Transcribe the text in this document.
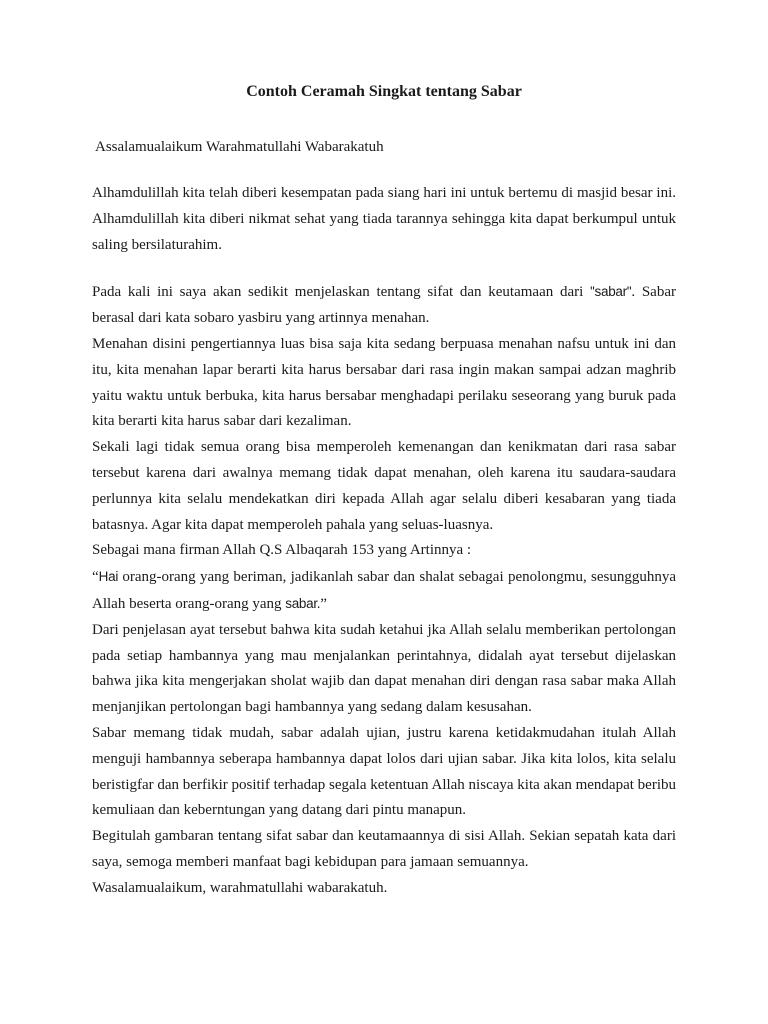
Contoh Ceramah Singkat tentang Sabar

Assalamualaikum Warahmatullahi Wabarakatuh

Alhamdulillah kita telah diberi kesempatan pada siang hari ini untuk bertemu di masjid besar ini. Alhamdulillah kita diberi nikmat sehat yang tiada tarannya sehingga kita dapat berkumpul untuk saling bersilaturahim.

Pada kali ini saya akan sedikit menjelaskan tentang sifat dan keutamaan dari ''sabar''. Sabar berasal dari kata sobaro yasbiru yang artinnya menahan.

Menahan disini pengertiannya luas bisa saja kita sedang berpuasa menahan nafsu untuk ini dan itu, kita menahan lapar berarti kita harus bersabar dari rasa ingin makan sampai adzan maghrib yaitu waktu untuk berbuka, kita harus bersabar menghadapi perilaku seseorang yang buruk pada kita berarti kita harus sabar dari kezaliman.

Sekali lagi tidak semua orang bisa memperoleh kemenangan dan kenikmatan dari rasa sabar tersebut karena dari awalnya memang tidak dapat menahan, oleh karena itu saudara-saudara perlunnya kita selalu mendekatkan diri kepada Allah agar selalu diberi kesabaran yang tiada batasnya. Agar kita dapat memperoleh pahala yang seluas-luasnya.

Sebagai mana firman Allah Q.S Albaqarah 153 yang Artinnya :

“Hai orang-orang yang beriman, jadikanlah sabar dan shalat sebagai penolongmu, sesungguhnya Allah beserta orang-orang yang sabar.”

Dari penjelasan ayat tersebut bahwa kita sudah ketahui jka Allah selalu memberikan pertolongan pada setiap hambannya yang mau menjalankan perintahnya, didalah ayat tersebut dijelaskan bahwa jika kita mengerjakan sholat wajib dan dapat menahan diri dengan rasa sabar maka Allah menjanjikan pertolongan bagi hambannya yang sedang dalam kesusahan.

Sabar memang tidak mudah, sabar adalah ujian, justru karena ketidakmudahan itulah Allah menguji hambannya seberapa hambannya dapat lolos dari ujian sabar. Jika kita lolos, kita selalu beristigfar dan berfikir positif terhadap segala ketentuan Allah niscaya kita akan mendapat beribu kemuliaan dan keberntungan yang datang dari pintu manapun.

Begitulah gambaran tentang sifat sabar dan keutamaannya di sisi Allah. Sekian sepatah kata dari saya, semoga memberi manfaat bagi kebidupan para jamaan semuannya.

Wasalamualaikum, warahmatullahi wabarakatuh.
